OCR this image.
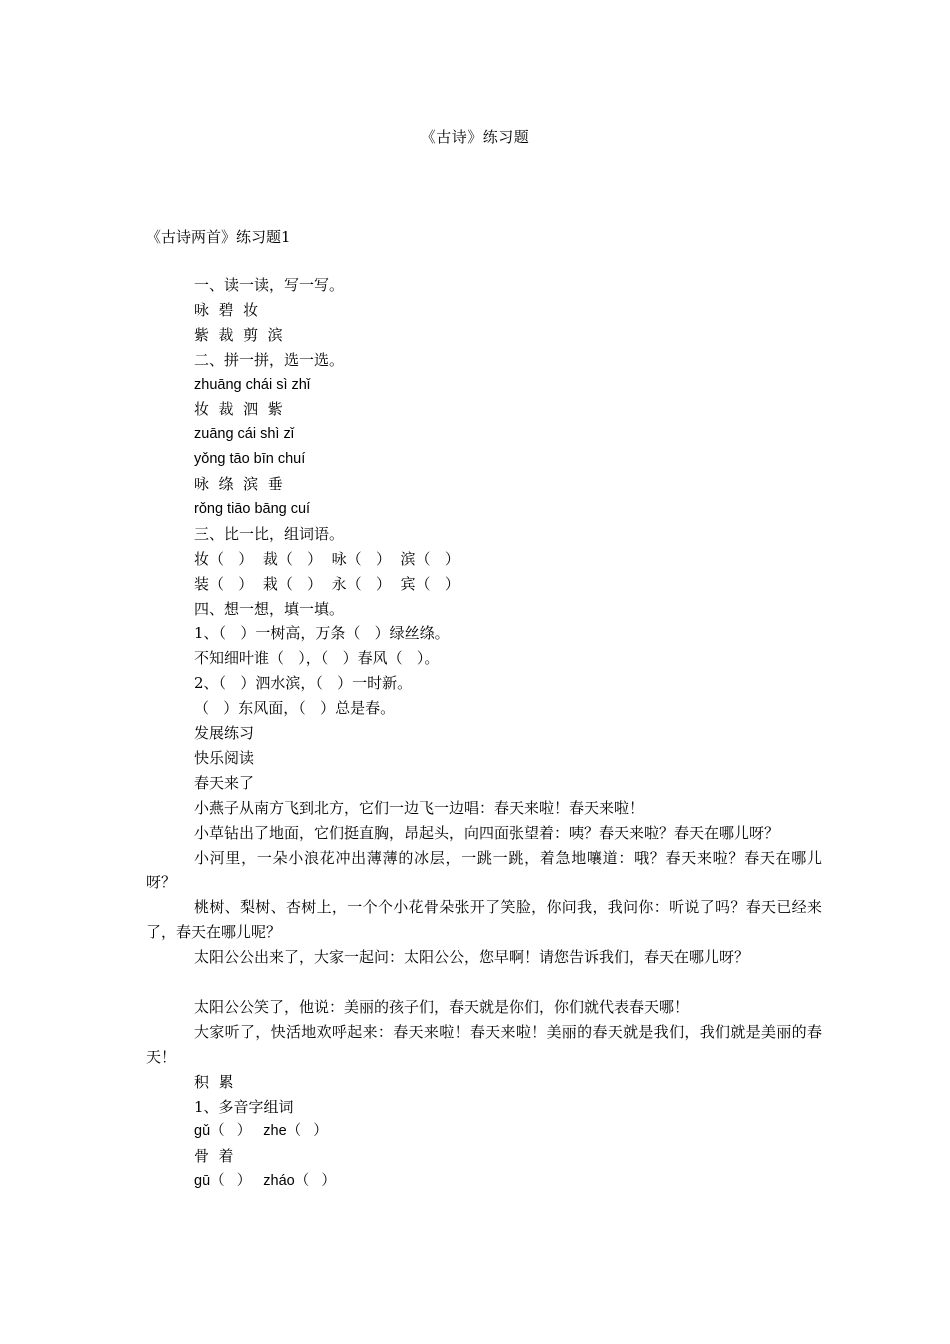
《古诗》练习题
《古诗两首》练习题1
一、读一读，写一写。
咏  碧  妆
紫  裁  剪  滨
二、拼一拼，选一选。
zhuāng chái sì zhǐ
妆  裁  泗  紫
zuāng cái shì zǐ
yǒng tāo bīn chuí
咏  绦  滨  垂
rǒng tiāo bāng cuí
三、比一比，组词语。
妆（   ）  裁（   ）  咏（   ）  滨（   ）
装（   ）  栽（   ）  永（   ）  宾（   ）
四、想一想，填一填。
1、（   ）一树高，万条（   ）绿丝绦。
不知细叶谁（   ），（   ）春风（   ）。
2、（   ）泗水滨，（   ）一时新。
（   ）东风面，（   ）总是春。
发展练习
快乐阅读
春天来了
小燕子从南方飞到北方，它们一边飞一边唱：春天来啦！春天来啦！
小草钻出了地面，它们挺直胸，昂起头，向四面张望着：咦？春天来啦？春天在哪儿呀？
小河里，一朵小浪花冲出薄薄的冰层，一跳一跳，着急地嚷道：哦？春天来啦？春天在哪儿呀？
桃树、梨树、杏树上，一个个小花骨朵张开了笑脸，你问我，我问你：听说了吗？春天已经来了，春天在哪儿呢？
太阳公公出来了，大家一起问：太阳公公，您早啊！请您告诉我们，春天在哪儿呀？
太阳公公笑了，他说：美丽的孩子们，春天就是你们，你们就代表春天哪！
大家听了，快活地欢呼起来：春天来啦！春天来啦！美丽的春天就是我们，我们就是美丽的春天！
积  累
1、多音字组词
gǔ（   ）   zhe（   ）
骨  着
gū（   ）   zháo（   ）
